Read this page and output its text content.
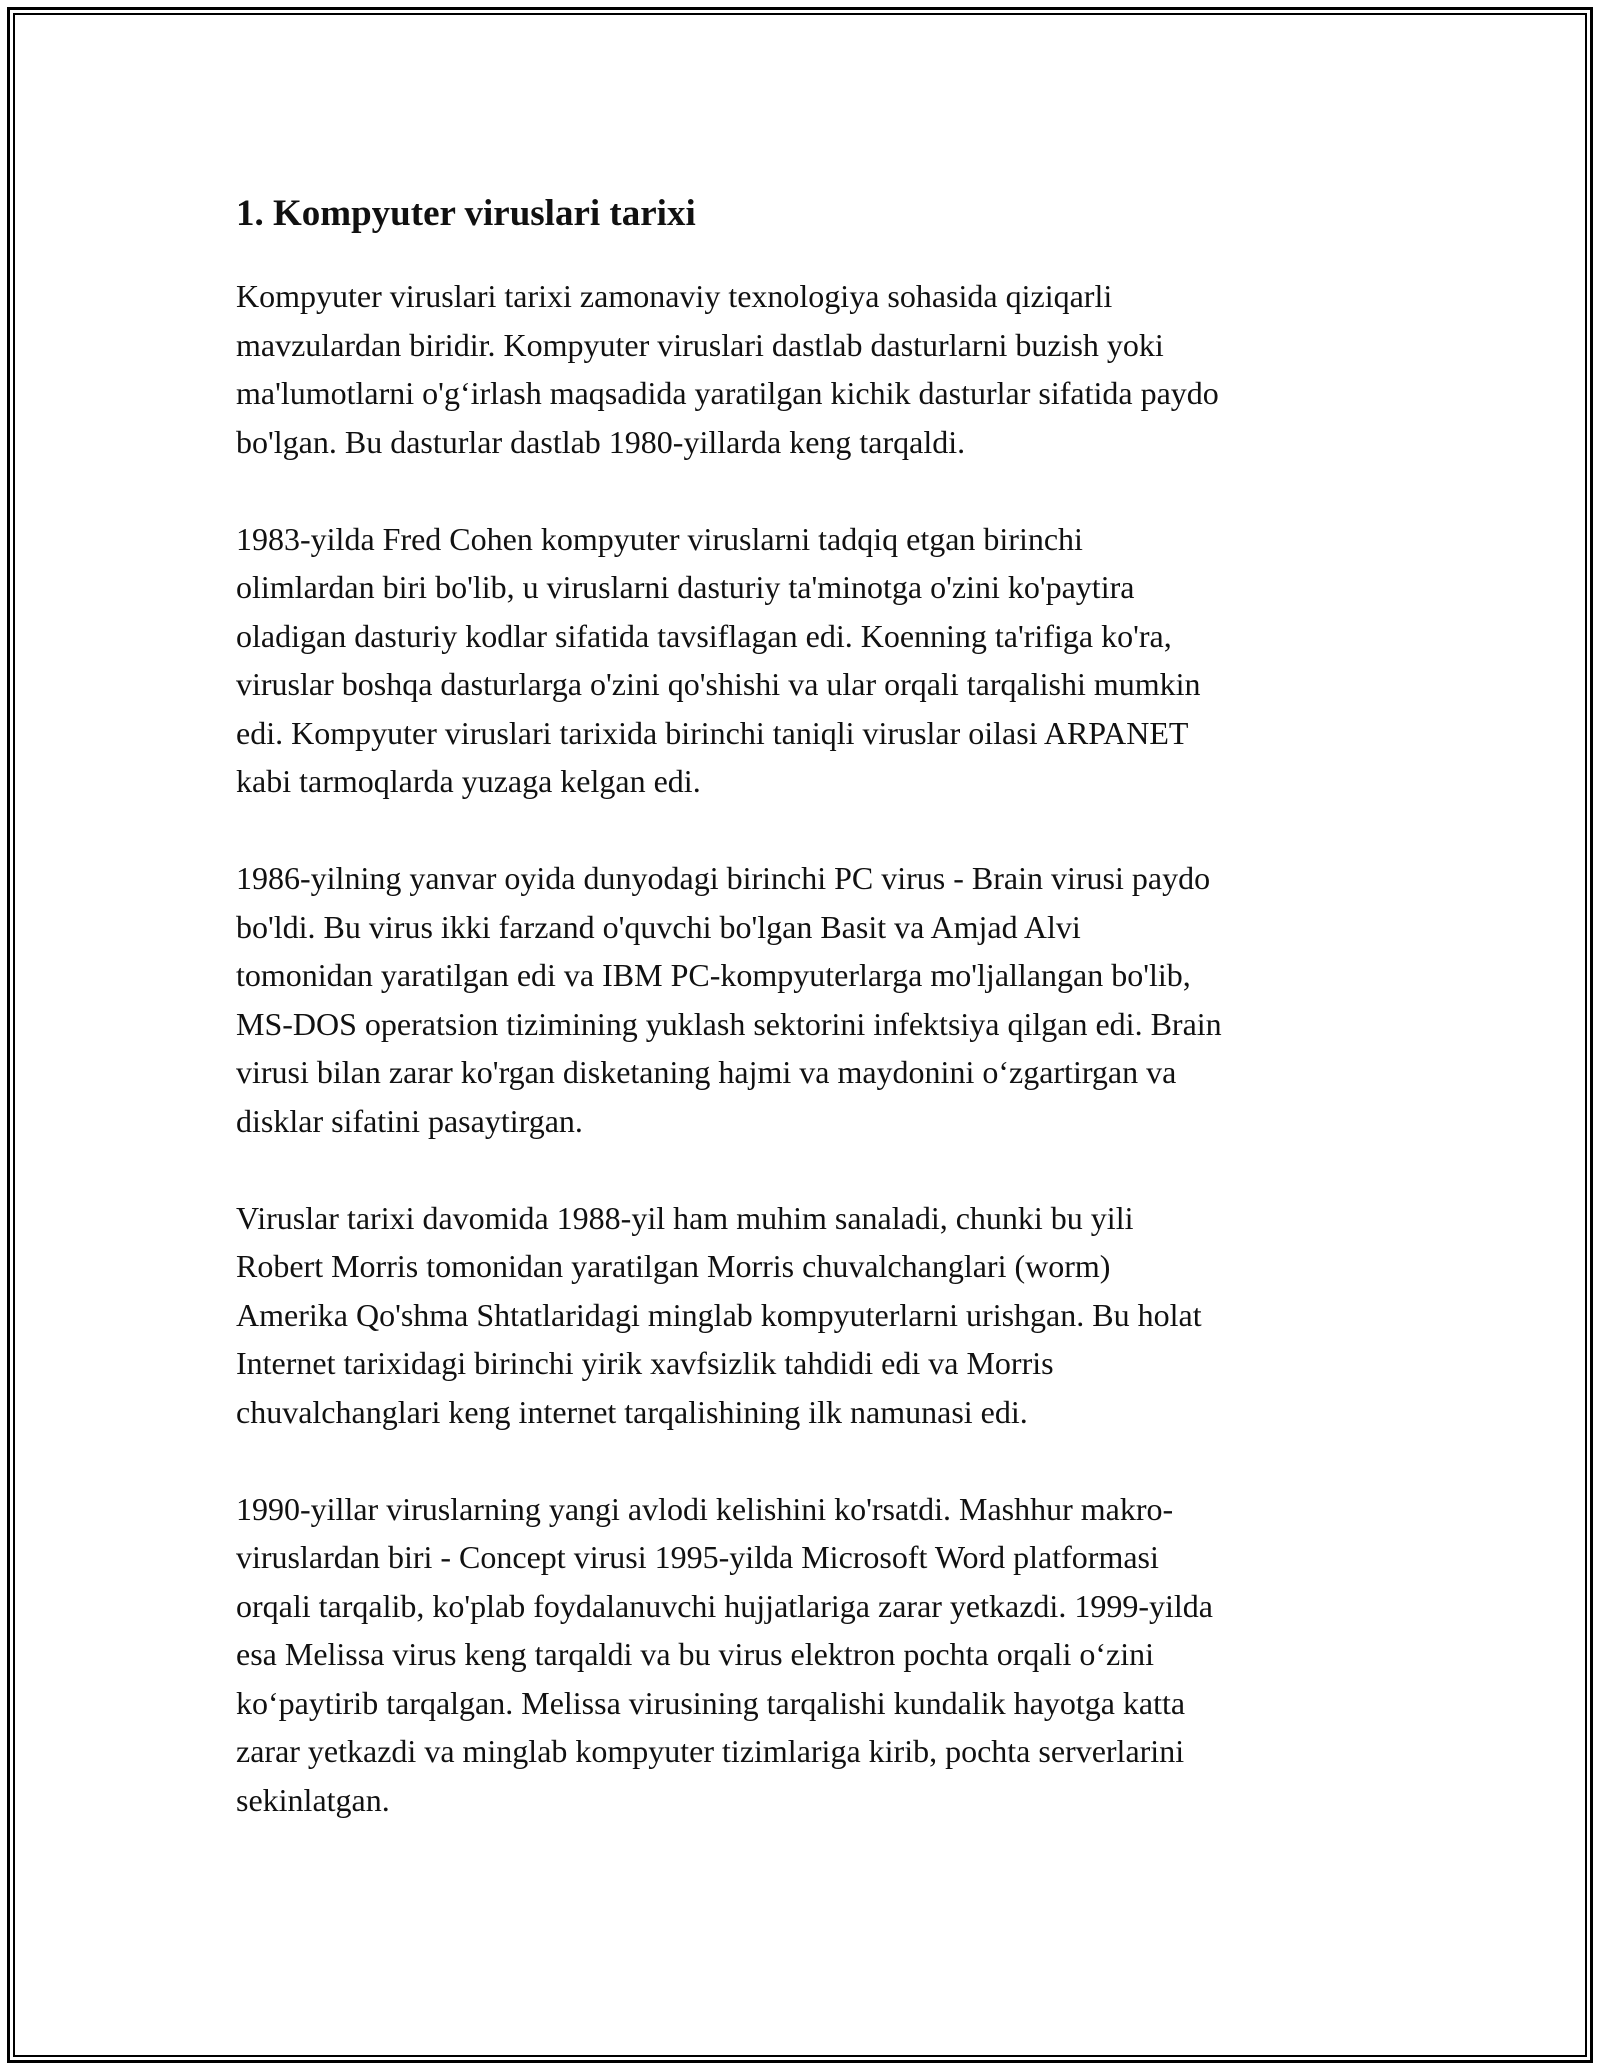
1. Kompyuter viruslari tarixi

Kompyuter viruslari tarixi zamonaviy texnologiya sohasida qiziqarli
mavzulardan biridir. Kompyuter viruslari dastlab dasturlarni buzish yoki
ma'lumotlarni o'g‘irlash maqsadida yaratilgan kichik dasturlar sifatida paydo
bo'lgan. Bu dasturlar dastlab 1980-yillarda keng tarqaldi.

1983-yilda Fred Cohen kompyuter viruslarni tadqiq etgan birinchi
olimlardan biri bo'lib, u viruslarni dasturiy ta'minotga o'zini ko'paytira
oladigan dasturiy kodlar sifatida tavsiflagan edi. Koenning ta'rifiga ko'ra,
viruslar boshqa dasturlarga o'zini qo'shishi va ular orqali tarqalishi mumkin
edi. Kompyuter viruslari tarixida birinchi taniqli viruslar oilasi ARPANET
kabi tarmoqlarda yuzaga kelgan edi.

1986-yilning yanvar oyida dunyodagi birinchi PC virus - Brain virusi paydo
bo'ldi. Bu virus ikki farzand o'quvchi bo'lgan Basit va Amjad Alvi
tomonidan yaratilgan edi va IBM PC-kompyuterlarga mo'ljallangan bo'lib,
MS-DOS operatsion tizimining yuklash sektorini infektsiya qilgan edi. Brain
virusi bilan zarar ko'rgan disketaning hajmi va maydonini o‘zgartirgan va
disklar sifatini pasaytirgan.

Viruslar tarixi davomida 1988-yil ham muhim sanaladi, chunki bu yili
Robert Morris tomonidan yaratilgan Morris chuvalchanglari (worm)
Amerika Qo'shma Shtatlaridagi minglab kompyuterlarni urishgan. Bu holat
Internet tarixidagi birinchi yirik xavfsizlik tahdidi edi va Morris
chuvalchanglari keng internet tarqalishining ilk namunasi edi.

1990-yillar viruslarning yangi avlodi kelishini ko'rsatdi. Mashhur makro-
viruslardan biri - Concept virusi 1995-yilda Microsoft Word platformasi
orqali tarqalib, ko'plab foydalanuvchi hujjatlariga zarar yetkazdi. 1999-yilda
esa Melissa virus keng tarqaldi va bu virus elektron pochta orqali o‘zini
ko‘paytirib tarqalgan. Melissa virusining tarqalishi kundalik hayotga katta
zarar yetkazdi va minglab kompyuter tizimlariga kirib, pochta serverlarini
sekinlatgan.
